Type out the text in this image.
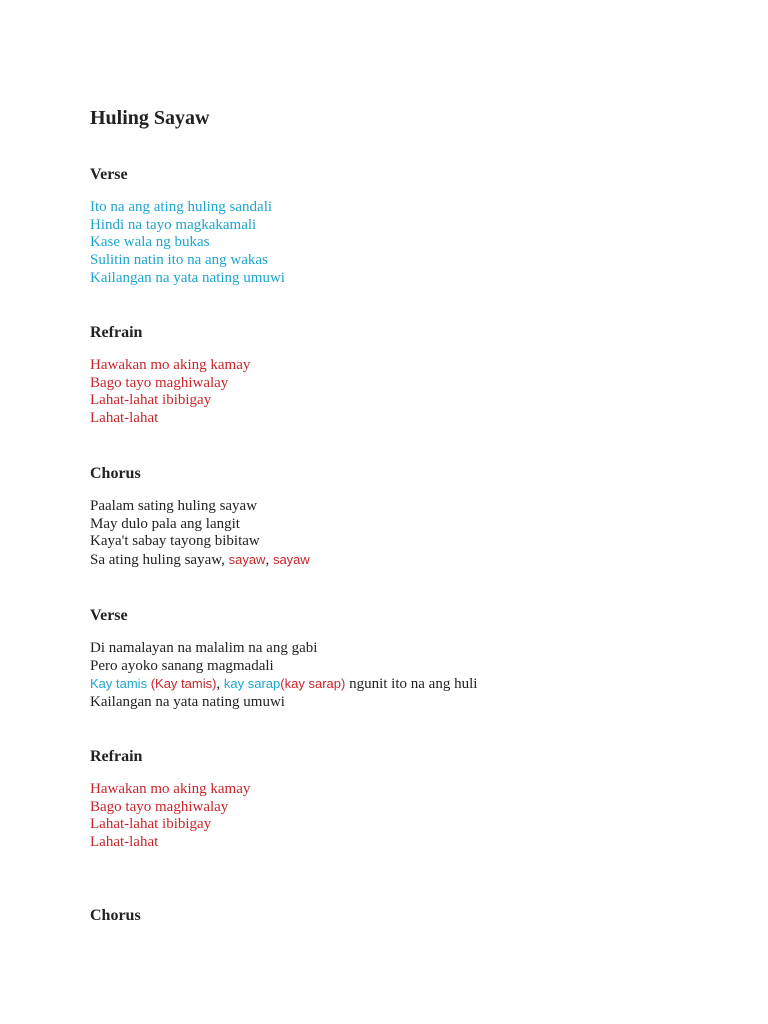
Huling Sayaw
Verse
Ito na ang ating huling sandali
Hindi na tayo magkakamali
Kase wala ng bukas
Sulitin natin ito na ang wakas
Kailangan na yata nating umuwi
Refrain
Hawakan mo aking kamay
Bago tayo maghiwalay
Lahat-lahat ibibigay
Lahat-lahat
Chorus
Paalam sating huling sayaw
May dulo pala ang langit
Kaya't sabay tayong bibitaw
Sa ating huling sayaw, sayaw, sayaw
Verse
Di namalayan na malalim na ang gabi
Pero ayoko sanang magmadali
Kay tamis (Kay tamis), kay sarap(kay sarap) ngunit ito na ang huli
Kailangan na yata nating umuwi
Refrain
Hawakan mo aking kamay
Bago tayo maghiwalay
Lahat-lahat ibibigay
Lahat-lahat
Chorus
